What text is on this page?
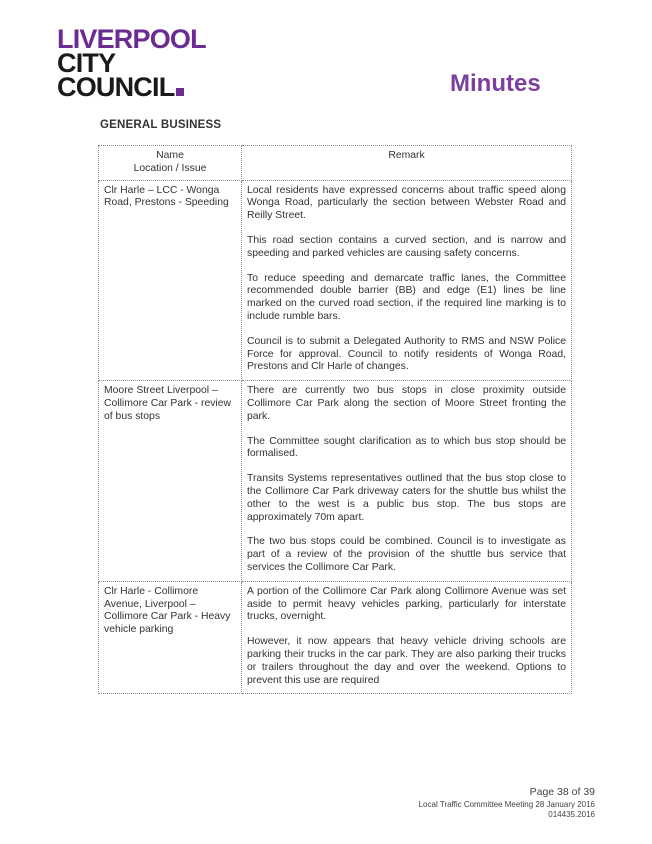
LIVERPOOL
CITY
COUNCIL	Minutes
GENERAL BUSINESS
Name
Location / Issue	Remark
Clr Harle – LCC - Wonga Road, Prestons - Speeding	Local residents have expressed concerns about traffic speed along Wonga Road, particularly the section between Webster Road and Reilly Street.

This road section contains a curved section, and is narrow and speeding and parked vehicles are causing safety concerns.

To reduce speeding and demarcate traffic lanes, the Committee recommended double barrier (BB) and edge (E1) lines be line marked on the curved road section, if the required line marking is to include rumble bars.

Council is to submit a Delegated Authority to RMS and NSW Police Force for approval. Council to notify residents of Wonga Road, Prestons and Clr Harle of changes.

Moore Street Liverpool – Collimore Car Park - review of bus stops	There are currently two bus stops in close proximity outside Collimore Car Park along the section of Moore Street fronting the park.

The Committee sought clarification as to which bus stop should be formalised.

Transits Systems representatives outlined that the bus stop close to the Collimore Car Park driveway caters for the shuttle bus whilst the other to the west is a public bus stop. The bus stops are approximately 70m apart.

The two bus stops could be combined. Council is to investigate as part of a review of the provision of the shuttle bus service that services the Collimore Car Park.

Clr Harle - Collimore Avenue, Liverpool – Collimore Car Park - Heavy vehicle parking	A portion of the Collimore Car Park along Collimore Avenue was set aside to permit heavy vehicles parking, particularly for interstate trucks, overnight.

However, it now appears that heavy vehicle driving schools are parking their trucks in the car park. They are also parking their trucks or trailers throughout the day and over the weekend. Options to prevent this use are required

Page 38 of 39
Local Traffic Committee Meeting 28 January 2016
014435.2016
